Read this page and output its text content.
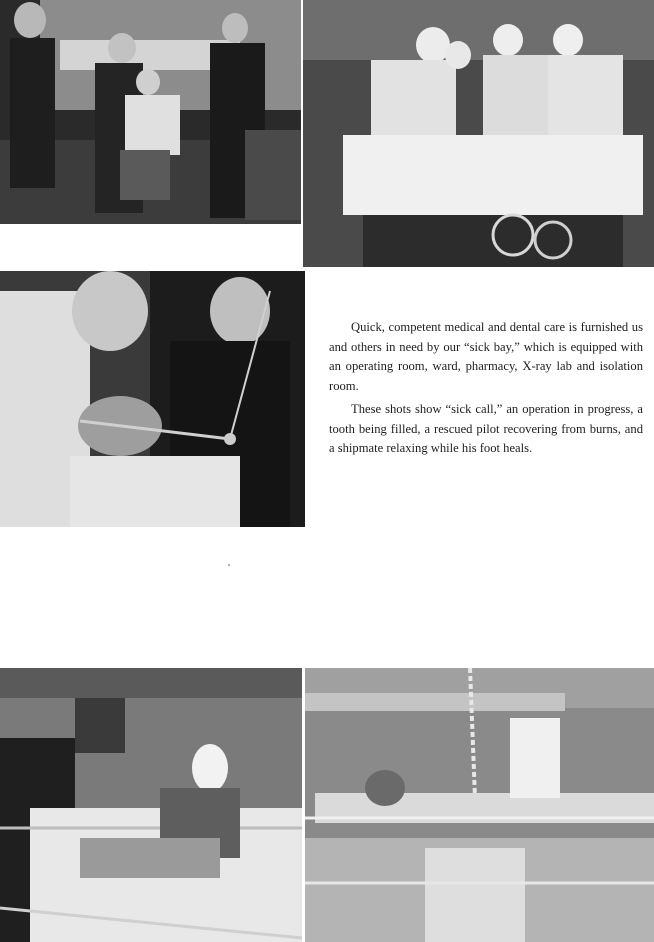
Quick, competent medical and dental care is furnished us and others in need by our “sick bay,” which is equipped with an operating room, ward, pharmacy, X-ray lab and isolation room.

These shots show “sick call,” an operation in progress, a tooth being filled, a rescued pilot recovering from burns, and a shipmate relaxing while his foot heals.
